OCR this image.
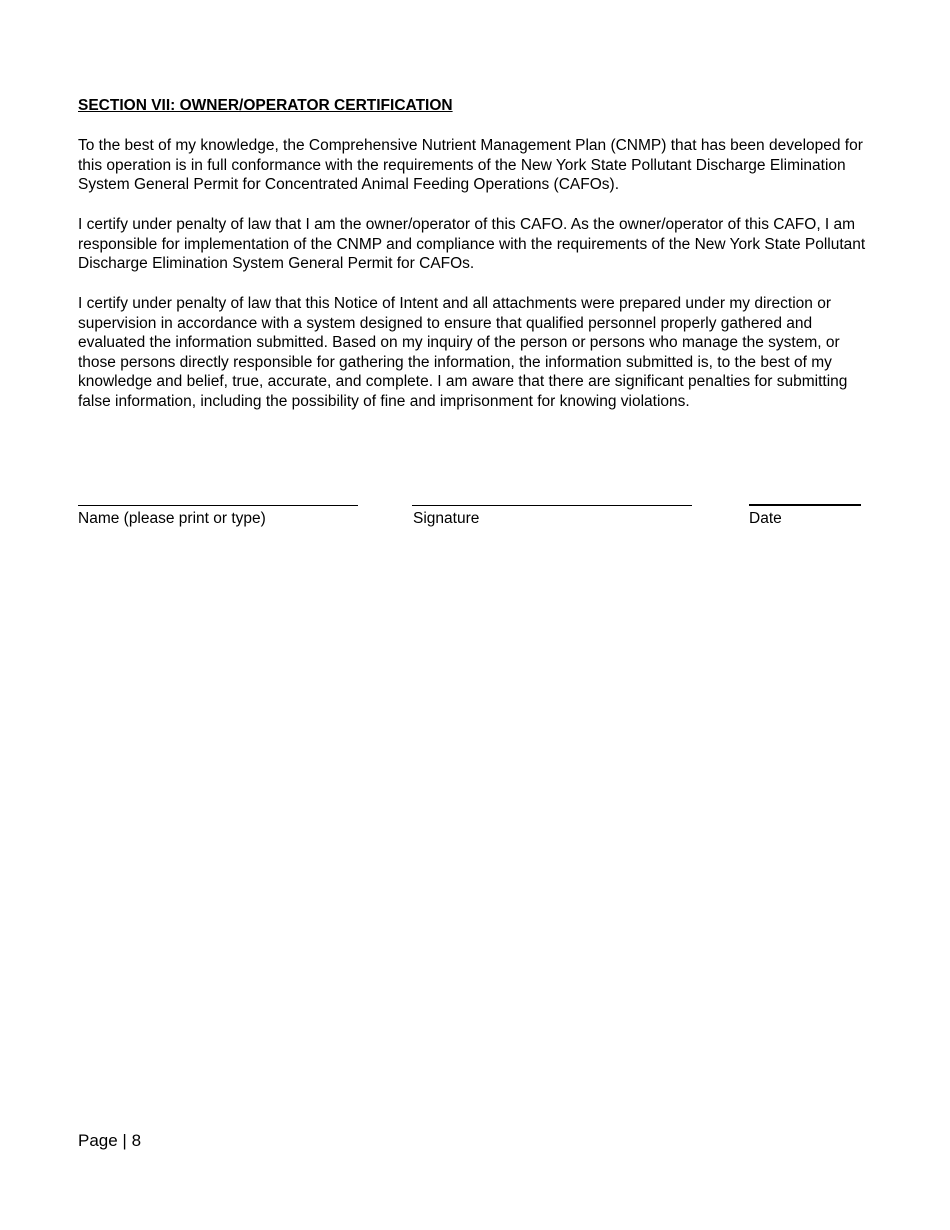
SECTION VII: OWNER/OPERATOR CERTIFICATION

To the best of my knowledge, the Comprehensive Nutrient Management Plan (CNMP) that has been developed for this operation is in full conformance with the requirements of the New York State Pollutant Discharge Elimination System General Permit for Concentrated Animal Feeding Operations (CAFOs).

I certify under penalty of law that I am the owner/operator of this CAFO. As the owner/operator of this CAFO, I am responsible for implementation of the CNMP and compliance with the requirements of the New York State Pollutant Discharge Elimination System General Permit for CAFOs.

I certify under penalty of law that this Notice of Intent and all attachments were prepared under my direction or supervision in accordance with a system designed to ensure that qualified personnel properly gathered and evaluated the information submitted. Based on my inquiry of the person or persons who manage the system, or those persons directly responsible for gathering the information, the information submitted is, to the best of my knowledge and belief, true, accurate, and complete. I am aware that there are significant penalties for submitting false information, including the possibility of fine and imprisonment for knowing violations.

Name (please print or type)	Signature	Date

Page | 8
